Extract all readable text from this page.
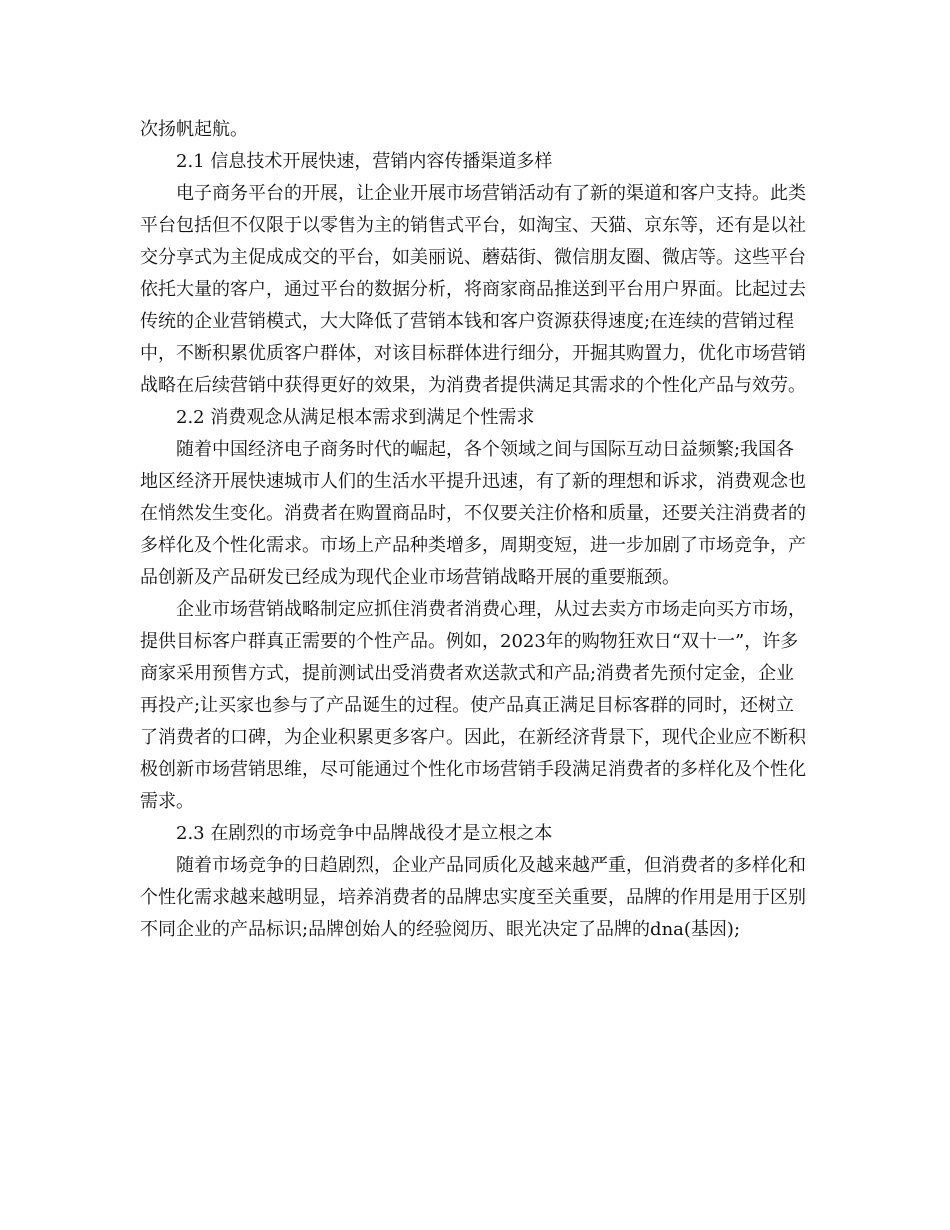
次扬帆起航。

2.1 信息技术开展快速，营销内容传播渠道多样

电子商务平台的开展，让企业开展市场营销活动有了新的渠道和客户支持。此类平台包括但不仅限于以零售为主的销售式平台，如淘宝、天猫、京东等，还有是以社交分享式为主促成成交的平台，如美丽说、蘑菇街、微信朋友圈、微店等。这些平台依托大量的客户，通过平台的数据分析，将商家商品推送到平台用户界面。比起过去传统的企业营销模式，大大降低了营销本钱和客户资源获得速度;在连续的营销过程中，不断积累优质客户群体，对该目标群体进行细分，开掘其购置力，优化市场营销战略在后续营销中获得更好的效果，为消费者提供满足其需求的个性化产品与效劳。

2.2 消费观念从满足根本需求到满足个性需求

随着中国经济电子商务时代的崛起，各个领域之间与国际互动日益频繁;我国各地区经济开展快速城市人们的生活水平提升迅速，有了新的理想和诉求，消费观念也在悄然发生变化。消费者在购置商品时，不仅要关注价格和质量，还要关注消费者的多样化及个性化需求。市场上产品种类增多，周期变短，进一步加剧了市场竞争，产品创新及产品研发已经成为现代企业市场营销战略开展的重要瓶颈。

企业市场营销战略制定应抓住消费者消费心理，从过去卖方市场走向买方市场，提供目标客户群真正需要的个性产品。例如，2023年的购物狂欢日“双十一”，许多商家采用预售方式，提前测试出受消费者欢送款式和产品;消费者先预付定金，企业再投产;让买家也参与了产品诞生的过程。使产品真正满足目标客群的同时，还树立了消费者的口碑，为企业积累更多客户。因此，在新经济背景下，现代企业应不断积极创新市场营销思维，尽可能通过个性化市场营销手段满足消费者的多样化及个性化需求。

2.3 在剧烈的市场竞争中品牌战役才是立根之本

随着市场竞争的日趋剧烈，企业产品同质化及越来越严重，但消费者的多样化和个性化需求越来越明显，培养消费者的品牌忠实度至关重要，品牌的作用是用于区别不同企业的产品标识;品牌创始人的经验阅历、眼光决定了品牌的dna(基因);
